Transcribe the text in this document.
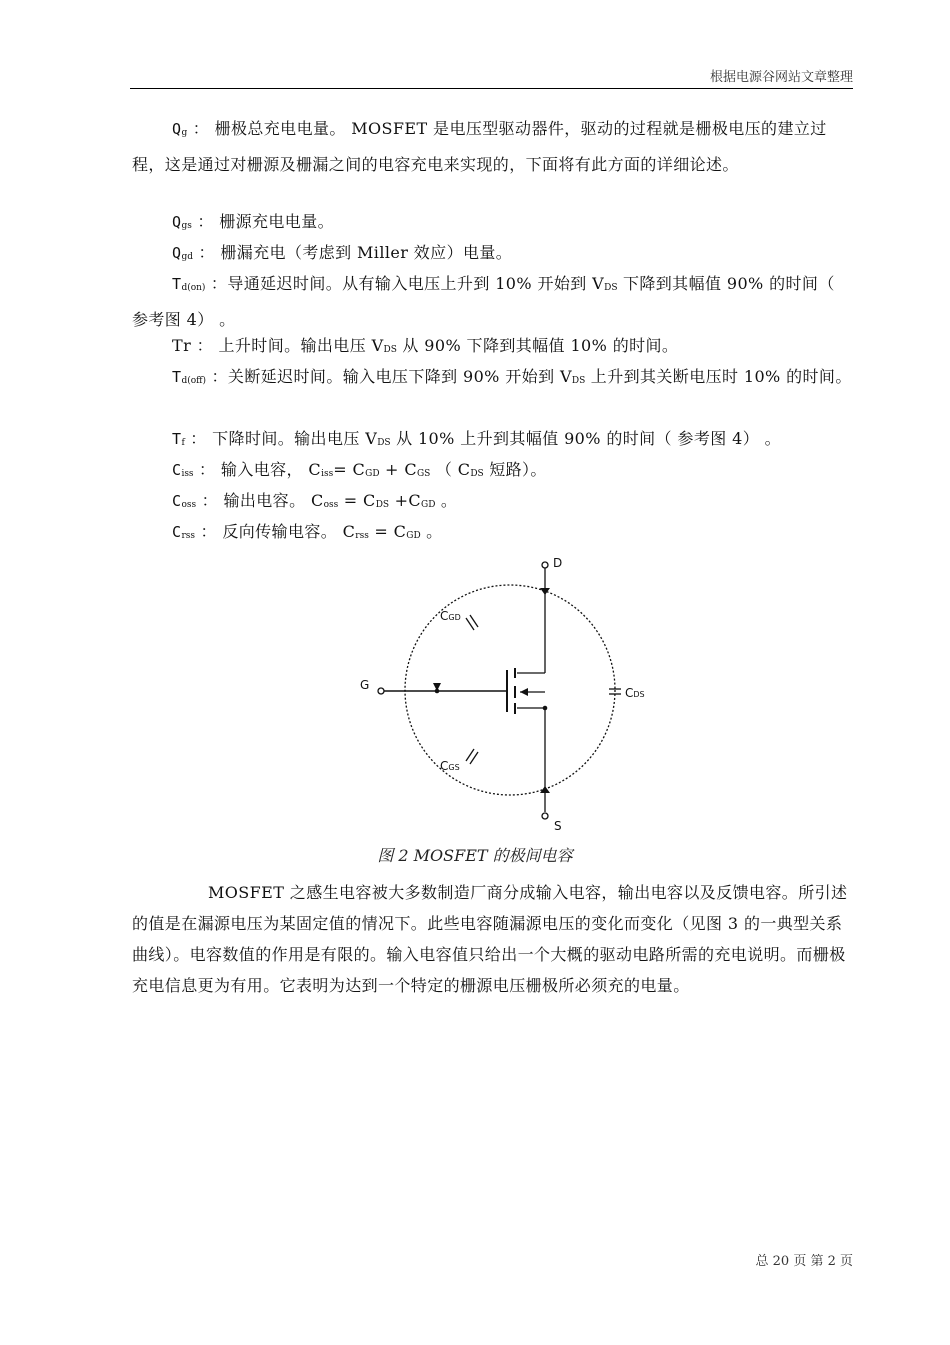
根据电源谷网站文章整理

Qg ： 栅极总充电电量。 MOSFET 是电压型驱动器件，驱动的过程就是栅极电压的建立过程，这是通过对栅源及栅漏之间的电容充电来实现的，下面将有此方面的详细论述。

Qgs ： 栅源充电电量。

Qgd ： 栅漏充电（考虑到 Miller 效应）电量。

Td(on) ：导通延迟时间。从有输入电压上升到 10% 开始到 VDS 下降到其幅值 90% 的时间（ 参考图 4） 。

Tr ： 上升时间。输出电压 VDS 从 90% 下降到其幅值 10% 的时间。

Td(off) ：关断延迟时间。输入电压下降到 90% 开始到 VDS 上升到其关断电压时 10% 的时间。

Tf ： 下降时间。输出电压 VDS 从 10% 上升到其幅值 90% 的时间（ 参考图 4） 。

Ciss ： 输入电容， Ciss= CGD + CGS （ CDS 短路）。

Coss ： 输出电容。 Coss = CDS +CGD 。

Crss ： 反向传输电容。 Crss = CGD 。

D
G
S
CGD
CDS
CGS
图 2 MOSFET 的极间电容

MOSFET 之感生电容被大多数制造厂商分成输入电容，输出电容以及反馈电容。所引述的值是在漏源电压为某固定值的情况下。此些电容随漏源电压的变化而变化（见图 3 的一典型关系曲线）。电容数值的作用是有限的。输入电容值只给出一个大概的驱动电路所需的充电说明。而栅极充电信息更为有用。它表明为达到一个特定的栅源电压栅极所必须充的电量。

总 20 页 第 2 页
